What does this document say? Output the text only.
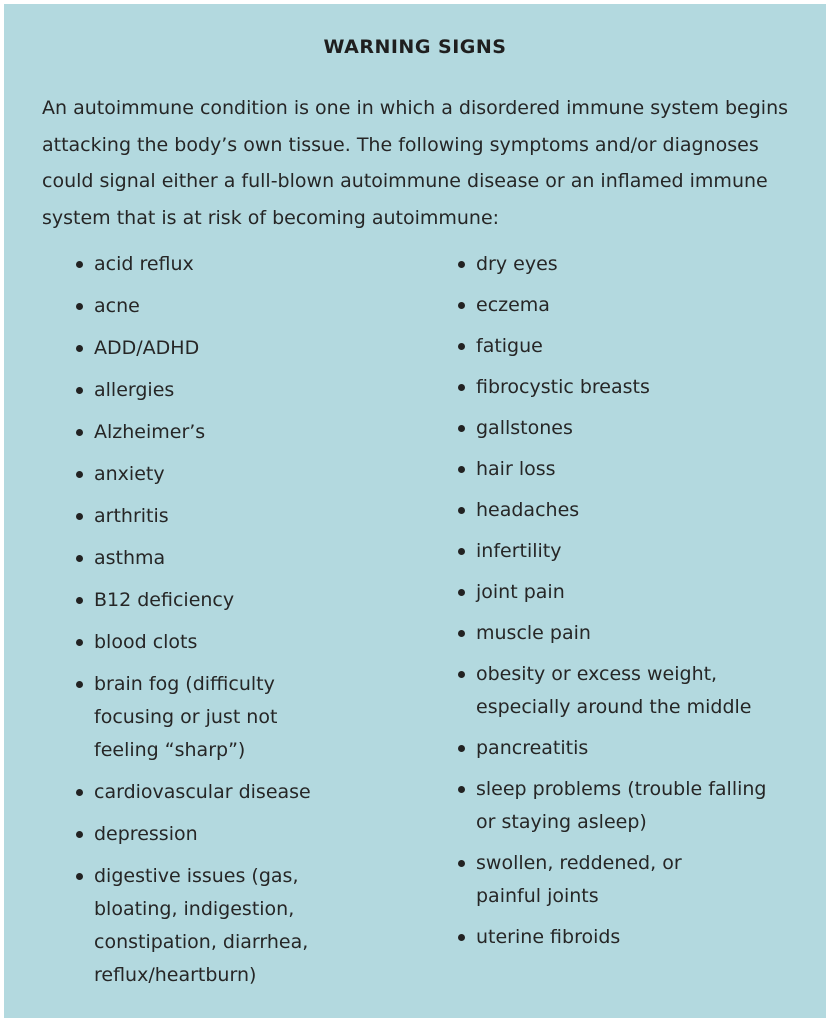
WARNING SIGNS
An autoimmune condition is one in which a disordered immune system begins attacking the body’s own tissue. The following symptoms and/or diagnoses could signal either a full-blown autoimmune disease or an inflamed immune system that is at risk of becoming autoimmune:
acid reflux
acne
ADD/ADHD
allergies
Alzheimer’s
anxiety
arthritis
asthma
B12 deficiency
blood clots
brain fog (difficulty focusing or just not feeling “sharp”)
cardiovascular disease
depression
digestive issues (gas, bloating, indigestion, constipation, diarrhea, reflux/heartburn)
dry eyes
eczema
fatigue
fibrocystic breasts
gallstones
hair loss
headaches
infertility
joint pain
muscle pain
obesity or excess weight, especially around the middle
pancreatitis
sleep problems (trouble falling or staying asleep)
swollen, reddened, or painful joints
uterine fibroids
